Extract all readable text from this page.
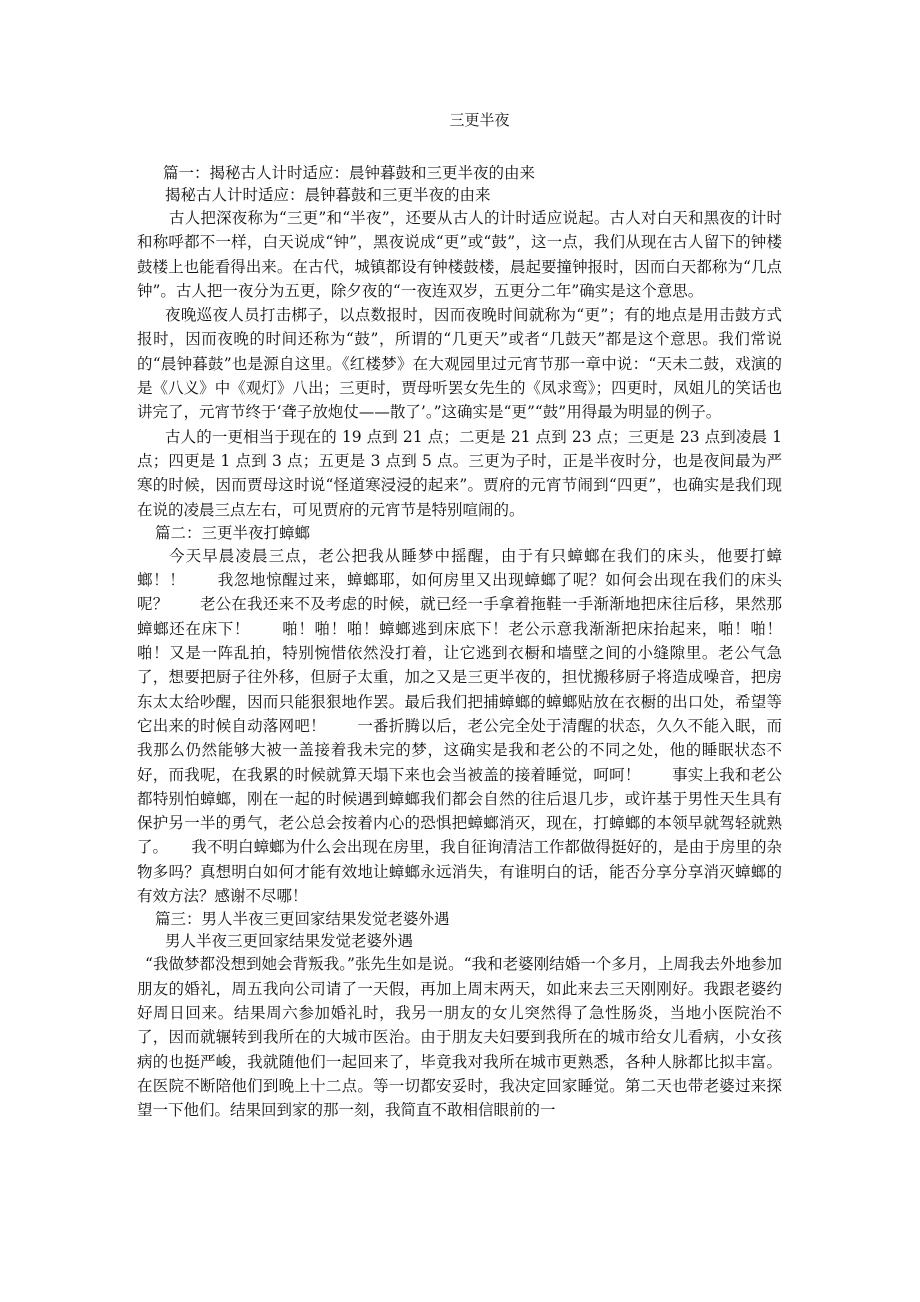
三更半夜

篇一：揭秘古人计时适应：晨钟暮鼓和三更半夜的由来

揭秘古人计时适应：晨钟暮鼓和三更半夜的由来

古人把深夜称为“三更”和“半夜”，还要从古人的计时适应说起。古人对白天和黑夜的计时和称呼都不一样，白天说成“钟”，黑夜说成“更”或“鼓”，这一点，我们从现在古人留下的钟楼鼓楼上也能看得出来。在古代，城镇都设有钟楼鼓楼，晨起要撞钟报时，因而白天都称为“几点钟”。古人把一夜分为五更，除夕夜的“一夜连双岁，五更分二年”确实是这个意思。

夜晚巡夜人员打击梆子，以点数报时，因而夜晚时间就称为“更”；有的地点是用击鼓方式报时，因而夜晚的时间还称为“鼓”，所谓的“几更天”或者“几鼓天”都是这个意思。我们常说的“晨钟暮鼓”也是源自这里。《红楼梦》在大观园里过元宵节那一章中说：“天未二鼓，戏演的是《八义》中《观灯》八出；三更时，贾母听罢女先生的《凤求鸾》；四更时，凤姐儿的笑话也讲完了，元宵节终于‘聋子放炮仗——散了’。”这确实是“更”“鼓”用得最为明显的例子。

古人的一更相当于现在的 19 点到 21 点；二更是 21 点到 23 点；三更是 23 点到凌晨 1 点；四更是 1 点到 3 点；五更是 3 点到 5 点。三更为子时，正是半夜时分，也是夜间最为严寒的时候，因而贾母这时说“怪道寒浸浸的起来”。贾府的元宵节闹到“四更”，也确实是我们现在说的凌晨三点左右，可见贾府的元宵节是特别喧闹的。

篇二：三更半夜打蟑螂

今天早晨凌晨三点，老公把我从睡梦中摇醒，由于有只蟑螂在我们的床头，他要打蟑螂！！　　我忽地惊醒过来，蟑螂耶，如何房里又出现蟑螂了呢？如何会出现在我们的床头呢？　　老公在我还来不及考虑的时候，就已经一手拿着拖鞋一手渐渐地把床往后移，果然那蟑螂还在床下！　　啪！啪！啪！蟑螂逃到床底下！老公示意我渐渐把床抬起来，啪！啪！啪！又是一阵乱拍，特别惋惜依然没打着，让它逃到衣橱和墙壁之间的小缝隙里。老公气急了，想要把厨子往外移，但厨子太重，加之又是三更半夜的，担忧搬移厨子将造成噪音，把房东太太给吵醒，因而只能狠狠地作罢。最后我们把捕蟑螂的蟑螂贴放在衣橱的出口处，希望等它出来的时候自动落网吧！　　一番折腾以后，老公完全处于清醒的状态，久久不能入眠，而我那么仍然能够大被一盖接着我未完的梦，这确实是我和老公的不同之处，他的睡眠状态不好，而我呢，在我累的时候就算天塌下来也会当被盖的接着睡觉，呵呵！　　事实上我和老公都特别怕蟑螂，刚在一起的时候遇到蟑螂我们都会自然的往后退几步，或许基于男性天生具有保护另一半的勇气，老公总会按着内心的恐惧把蟑螂消灭，现在，打蟑螂的本领早就驾轻就熟了。　　我不明白蟑螂为什么会出现在房里，我自征询清洁工作都做得挺好的，是由于房里的杂物多吗？真想明白如何才能有效地让蟑螂永远消失，有谁明白的话，能否分享分享消灭蟑螂的有效方法？感谢不尽哪！

篇三：男人半夜三更回家结果发觉老婆外遇

男人半夜三更回家结果发觉老婆外遇

“我做梦都没想到她会背叛我。”张先生如是说。“我和老婆刚结婚一个多月，上周我去外地参加朋友的婚礼，周五我向公司请了一天假，再加上周末两天，如此来去三天刚刚好。我跟老婆约好周日回来。结果周六参加婚礼时，我另一朋友的女儿突然得了急性肠炎，当地小医院治不了，因而就辗转到我所在的大城市医治。由于朋友夫妇要到我所在的城市给女儿看病，小女孩病的也挺严峻，我就随他们一起回来了，毕竟我对我所在城市更熟悉，各种人脉都比拟丰富。在医院不断陪他们到晚上十二点。等一切都安妥时，我决定回家睡觉。第二天也带老婆过来探望一下他们。结果回到家的那一刻，我简直不敢相信眼前的一
